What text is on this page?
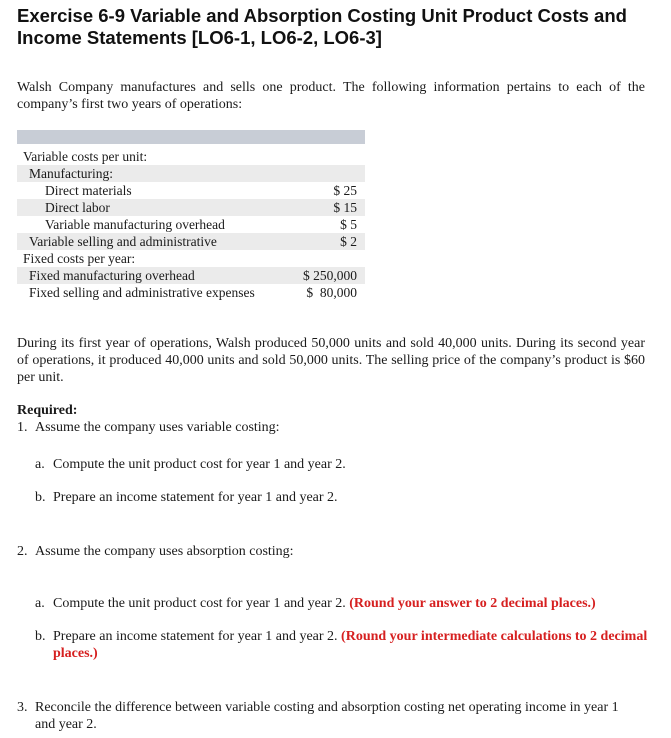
Exercise 6-9 Variable and Absorption Costing Unit Product Costs and Income Statements [LO6-1, LO6-2, LO6-3]
Walsh Company manufactures and sells one product. The following information pertains to each of the company’s first two years of operations:
Variable costs per unit:
Manufacturing:
Direct materials	$ 25
Direct labor	$ 15
Variable manufacturing overhead	$ 5
Variable selling and administrative	$ 2
Fixed costs per year:
Fixed manufacturing overhead	$ 250,000
Fixed selling and administrative expenses	$  80,000
During its first year of operations, Walsh produced 50,000 units and sold 40,000 units. During its second year of operations, it produced 40,000 units and sold 50,000 units. The selling price of the company’s product is $60 per unit.
Required:
1. Assume the company uses variable costing:
a. Compute the unit product cost for year 1 and year 2.
b. Prepare an income statement for year 1 and year 2.
2. Assume the company uses absorption costing:
a. Compute the unit product cost for year 1 and year 2. (Round your answer to 2 decimal places.)
b. Prepare an income statement for year 1 and year 2. (Round your intermediate calculations to 2 decimal places.)
3. Reconcile the difference between variable costing and absorption costing net operating income in year 1 and year 2.
